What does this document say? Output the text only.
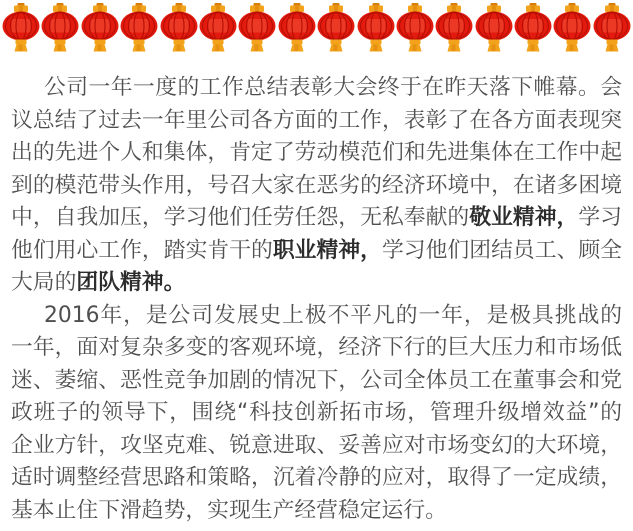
公司一年一度的工作总结表彰大会终于在昨天落下帷幕。会议总结了过去一年里公司各方面的工作，表彰了在各方面表现突出的先进个人和集体，肯定了劳动模范们和先进集体在工作中起到的模范带头作用，号召大家在恶劣的经济环境中，在诸多困境中，自我加压，学习他们任劳任怨，无私奉献的敬业精神，学习他们用心工作，踏实肯干的职业精神，学习他们团结员工、顾全大局的团队精神。

2016年，是公司发展史上极不平凡的一年，是极具挑战的一年，面对复杂多变的客观环境，经济下行的巨大压力和市场低迷、萎缩、恶性竞争加剧的情况下，公司全体员工在董事会和党政班子的领导下，围绕“科技创新拓市场，管理升级增效益”的企业方针，攻坚克难、锐意进取、妥善应对市场变幻的大环境，适时调整经营思路和策略，沉着冷静的应对，取得了一定成绩，基本止住下滑趋势，实现生产经营稳定运行。
